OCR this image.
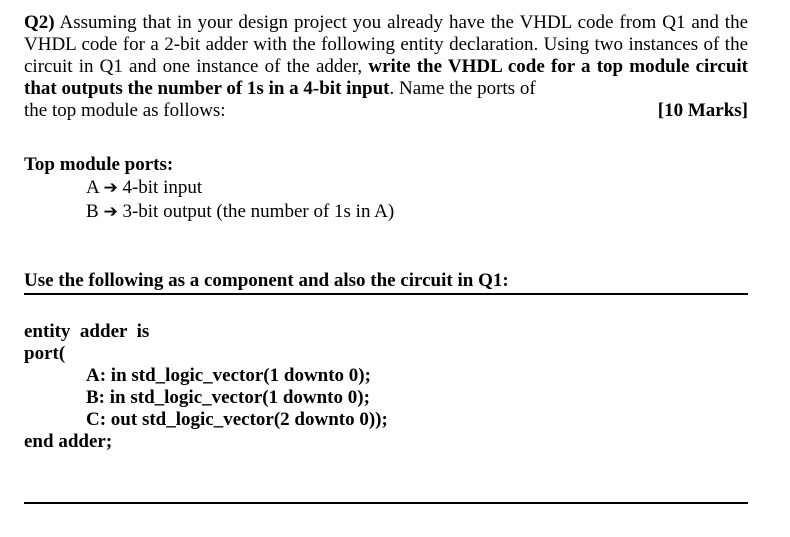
Q2) Assuming that in your design project you already have the VHDL code from Q1 and the VHDL code for a 2-bit adder with the following entity declaration. Using two instances of the circuit in Q1 and one instance of the adder, write the VHDL code for a top module circuit that outputs the number of 1s in a 4-bit input. Name the ports of

the top module as follows:	[10 Marks]
Top module ports:
A ➔ 4-bit input
B ➔ 3-bit output (the number of 1s in A)
Use the following as a component and also the circuit in Q1:
entity  adder  is
port(
A: in std_logic_vector(1 downto 0);
B: in std_logic_vector(1 downto 0);
C: out std_logic_vector(2 downto 0));
end adder;
